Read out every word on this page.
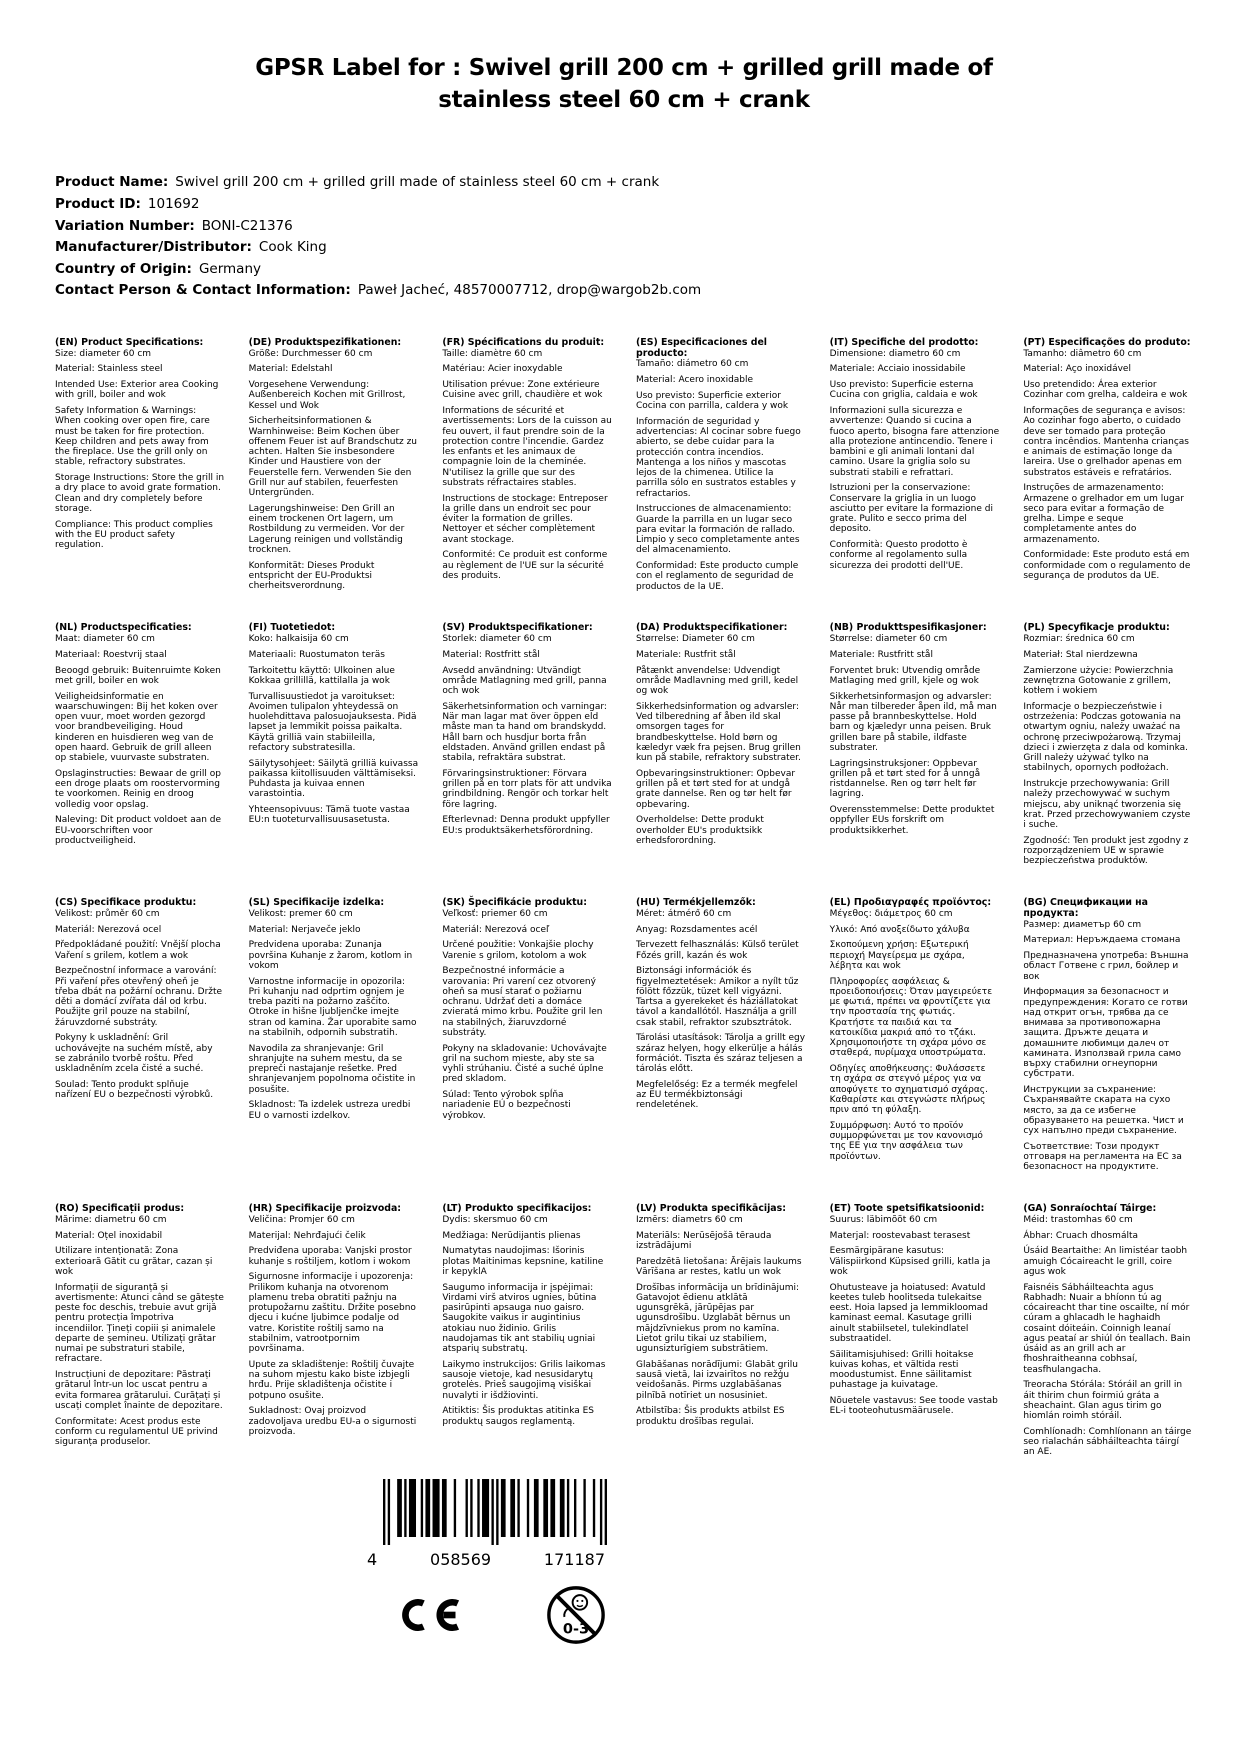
GPSR Label for : Swivel grill 200 cm + grilled grill made of stainless steel 60 cm + crank
Product Name: Swivel grill 200 cm + grilled grill made of stainless steel 60 cm + crank
Product ID: 101692
Variation Number: BONI-C21376
Manufacturer/Distributor: Cook King
Country of Origin: Germany
Contact Person & Contact Information: Paweł Jacheć, 48570007712, drop@wargob2b.com
(EN) Product Specifications:

Size: diameter 60 cm

Material: Stainless steel

Intended Use: Exterior area Cooking with grill, boiler and wok

Safety Information & Warnings: When cooking over open fire, care must be taken for fire protection. Keep children and pets away from the fireplace. Use the grill only on stable, refractory substrates.

Storage Instructions: Store the grill in a dry place to avoid grate formation. Clean and dry completely before storage.

Compliance: This product complies with the EU product safety regulation.

(DE) Produktspezifikationen:

Größe: Durchmesser 60 cm

Material: Edelstahl

Vorgesehene Verwendung: Außenbereich Kochen mit Grillrost, Kessel und Wok

Sicherheitsinformationen & Warnhinweise: Beim Kochen über offenem Feuer ist auf Brandschutz zu achten. Halten Sie insbesondere Kinder und Haustiere von der Feuerstelle fern. Verwenden Sie den Grill nur auf stabilen, feuerfesten Untergründen.

Lagerungshinweise: Den Grill an einem trockenen Ort lagern, um Rostbildung zu vermeiden. Vor der Lagerung reinigen und vollständig trocknen.

Konformität: Dieses Produkt entspricht der EU-Produktsi cherheitsverordnung.

(FR) Spécifications du produit:

Taille: diamètre 60 cm

Matériau: Acier inoxydable

Utilisation prévue: Zone extérieure Cuisine avec grill, chaudière et wok

Informations de sécurité et avertissements: Lors de la cuisson au feu ouvert, il faut prendre soin de la protection contre l'incendie. Gardez les enfants et les animaux de compagnie loin de la cheminée. N'utilisez la grille que sur des substrats réfractaires stables.

Instructions de stockage: Entreposer la grille dans un endroit sec pour éviter la formation de grilles. Nettoyer et sécher complètement avant stockage.

Conformité: Ce produit est conforme au règlement de l'UE sur la sécurité des produits.

(ES) Especificaciones del producto:

Tamaño: diámetro 60 cm

Material: Acero inoxidable

Uso previsto: Superficie exterior Cocina con parrilla, caldera y wok

Información de seguridad y advertencias: Al cocinar sobre fuego abierto, se debe cuidar para la protección contra incendios. Mantenga a los niños y mascotas lejos de la chimenea. Utilice la parrilla sólo en sustratos estables y refractarios.

Instrucciones de almacenamiento: Guarde la parrilla en un lugar seco para evitar la formación de rallado. Limpio y seco completamente antes del almacenamiento.

Conformidad: Este producto cumple con el reglamento de seguridad de productos de la UE.

(IT) Specifiche del prodotto:

Dimensione: diametro 60 cm

Materiale: Acciaio inossidabile

Uso previsto: Superficie esterna Cucina con griglia, caldaia e wok

Informazioni sulla sicurezza e avvertenze: Quando si cucina a fuoco aperto, bisogna fare attenzione alla protezione antincendio. Tenere i bambini e gli animali lontani dal camino. Usare la griglia solo su substrati stabili e refrattari.

Istruzioni per la conservazione: Conservare la griglia in un luogo asciutto per evitare la formazione di grate. Pulito e secco prima del deposito.

Conformità: Questo prodotto è conforme al regolamento sulla sicurezza dei prodotti dell'UE.

(PT) Especificações do produto:

Tamanho: diâmetro 60 cm

Material: Aço inoxidável

Uso pretendido: Área exterior Cozinhar com grelha, caldeira e wok

Informações de segurança e avisos: Ao cozinhar fogo aberto, o cuidado deve ser tomado para proteção contra incêndios. Mantenha crianças e animais de estimação longe da lareira. Use o grelhador apenas em substratos estáveis e refratários.

Instruções de armazenamento: Armazene o grelhador em um lugar seco para evitar a formação de grelha. Limpe e seque completamente antes do armazenamento.

Conformidade: Este produto está em conformidade com o regulamento de segurança de produtos da UE.

(NL) Productspecificaties:

Maat: diameter 60 cm

Materiaal: Roestvrij staal

Beoogd gebruik: Buitenruimte Koken met grill, boiler en wok

Veiligheidsinformatie en waarschuwingen: Bij het koken over open vuur, moet worden gezorgd voor brandbeveiliging. Houd kinderen en huisdieren weg van de open haard. Gebruik de grill alleen op stabiele, vuurvaste substraten.

Opslaginstructies: Bewaar de grill op een droge plaats om roostervorming te voorkomen. Reinig en droog volledig voor opslag.

Naleving: Dit product voldoet aan de EU-voorschriften voor productveiligheid.

(FI) Tuotetiedot:

Koko: halkaisija 60 cm

Materiaali: Ruostumaton teräs

Tarkoitettu käyttö: Ulkoinen alue Kokkaa grillillä, kattilalla ja wok

Turvallisuustiedot ja varoitukset: Avoimen tulipalon yhteydessä on huolehdittava palosuojauksesta. Pidä lapset ja lemmikit poissa paikalta. Käytä grilliä vain stabiileilla, refactory substratesilla.

Säilytysohjeet: Säilytä grilliä kuivassa paikassa kiitollisuuden välttämiseksi. Puhdasta ja kuivaa ennen varastointia.

Yhteensopivuus: Tämä tuote vastaa EU:n tuoteturvallisuusasetusta.

(SV) Produktspecifikationer:

Storlek: diameter 60 cm

Material: Rostfritt stål

Avsedd användning: Utvändigt område Matlagning med grill, panna och wok

Säkerhetsinformation och varningar: När man lagar mat över öppen eld måste man ta hand om brandskydd. Håll barn och husdjur borta från eldstaden. Använd grillen endast på stabila, refraktära substrat.

Förvaringsinstruktioner: Förvara grillen på en torr plats för att undvika grindbildning. Rengör och torkar helt före lagring.

Efterlevnad: Denna produkt uppfyller EU:s produktsäkerhetsförordning.

(DA) Produktspecifikationer:

Størrelse: Diameter 60 cm

Materiale: Rustfrit stål

Påtænkt anvendelse: Udvendigt område Madlavning med grill, kedel og wok

Sikkerhedsinformation og advarsler: Ved tilberedning af åben ild skal omsorgen tages for brandbeskyttelse. Hold børn og kæledyr væk fra pejsen. Brug grillen kun på stabile, refraktory substrater.

Opbevaringsinstruktioner: Opbevar grillen på et tørt sted for at undgå grate dannelse. Ren og tør helt før opbevaring.

Overholdelse: Dette produkt overholder EU's produktsikk erhedsforordning.

(NB) Produkttspesifikasjoner:

Størrelse: diameter 60 cm

Materiale: Rustfritt stål

Forventet bruk: Utvendig område Matlaging med grill, kjele og wok

Sikkerhetsinformasjon og advarsler: Når man tilbereder åpen ild, må man passe på brannbeskyttelse. Hold barn og kjæledyr unna peisen. Bruk grillen bare på stabile, ildfaste substrater.

Lagringsinstruksjoner: Oppbevar grillen på et tørt sted for å unngå ristdannelse. Ren og tørr helt før lagring.

Overensstemmelse: Dette produktet oppfyller EUs forskrift om produktsikkerhet.

(PL) Specyfikacje produktu:

Rozmiar: średnica 60 cm

Materiał: Stal nierdzewna

Zamierzone użycie: Powierzchnia zewnętrzna Gotowanie z grillem, kotłem i wokiem

Informacje o bezpieczeństwie i ostrzeżenia: Podczas gotowania na otwartym ogniu, należy uważać na ochronę przeciwpożarową. Trzymaj dzieci i zwierzęta z dala od kominka. Grill należy używać tylko na stabilnych, opornych podłożach.

Instrukcje przechowywania: Grill należy przechowywać w suchym miejscu, aby uniknąć tworzenia się krat. Przed przechowywaniem czyste i suche.

Zgodność: Ten produkt jest zgodny z rozporządzeniem UE w sprawie bezpieczeństwa produktów.

(CS) Specifikace produktu:

Velikost: průměr 60 cm

Materiál: Nerezová ocel

Předpokládané použití: Vnější plocha Vaření s grilem, kotlem a wok

Bezpečnostní informace a varování: Při vaření přes otevřený oheň je třeba dbát na požární ochranu. Držte děti a domácí zvířata dál od krbu. Použijte gril pouze na stabilní, žáruvzdorné substráty.

Pokyny k uskladnění: Gril uchovávejte na suchém místě, aby se zabránilo tvorbě roštu. Před uskladněním zcela čisté a suché.

Soulad: Tento produkt splňuje nařízení EU o bezpečnosti výrobků.

(SL) Specifikacije izdelka:

Velikost: premer 60 cm

Material: Nerjaveče jeklo

Predvidena uporaba: Zunanja površina Kuhanje z žarom, kotlom in vokom

Varnostne informacije in opozorila: Pri kuhanju nad odprtim ognjem je treba paziti na požarno zaščito. Otroke in hišne ljubljenčke imejte stran od kamina. Žar uporabite samo na stabilnih, odpornih substratih.

Navodila za shranjevanje: Gril shranjujte na suhem mestu, da se prepreči nastajanje rešetke. Pred shranjevanjem popolnoma očistite in posušite.

Skladnost: Ta izdelek ustreza uredbi EU o varnosti izdelkov.

(SK) Špecifikácie produktu:

Veľkosť: priemer 60 cm

Materiál: Nerezová oceľ

Určené použitie: Vonkajšie plochy Varenie s grilom, kotolom a wok

Bezpečnostné informácie a varovania: Pri varení cez otvorený oheň sa musí starať o požiarnu ochranu. Udržať deti a domáce zvieratá mimo krbu. Použite gril len na stabilných, žiaruvzdorné substráty.

Pokyny na skladovanie: Uchovávajte gril na suchom mieste, aby ste sa vyhli strúhaniu. Čisté a suché úplne pred skladom.

Súlad: Tento výrobok spĺňa nariadenie EÚ o bezpečnosti výrobkov.

(HU) Termékjellemzők:

Méret: átmérő 60 cm

Anyag: Rozsdamentes acél

Tervezett felhasználás: Külső terület Főzés grill, kazán és wok

Biztonsági információk és figyelmeztetések: Amikor a nyílt tűz fölött főzzük, tüzet kell vigyázni. Tartsa a gyerekeket és háziállatokat távol a kandallótól. Használja a grill csak stabil, refraktor szubsztrátok.

Tárolási utasítások: Tárolja a grillt egy száraz helyen, hogy elkerülje a hálás formációt. Tiszta és száraz teljesen a tárolás előtt.

Megfelelőség: Ez a termék megfelel az EU termékbiztonsági rendeletének.

(EL) Προδιαγραφές προϊόντος:

Μέγεθος: διάμετρος 60 cm

Υλικό: Από ανοξείδωτο χάλυβα

Σκοπούμενη χρήση: Εξωτερική περιοχή Μαγείρεμα με σχάρα, λέβητα και wok

Πληροφορίες ασφάλειας & προειδοποιήσεις: Όταν μαγειρεύετε με φωτιά, πρέπει να φροντίζετε για την προστασία της φωτιάς. Κρατήστε τα παιδιά και τα κατοικίδια μακριά από το τζάκι. Χρησιμοποιήστε τη σχάρα μόνο σε σταθερά, πυρίμαχα υποστρώματα.

Οδηγίες αποθήκευσης: Φυλάσσετε τη σχάρα σε στεγνό μέρος για να αποφύγετε το σχηματισμό σχάρας. Καθαρίστε και στεγνώστε πλήρως πριν από τη φύλαξη.

Συμμόρφωση: Αυτό το προϊόν συμμορφώνεται με τον κανονισμό της ΕΕ για την ασφάλεια των προϊόντων.

(BG) Спецификации на продукта:

Размер: диаметър 60 cm

Материал: Неръждаема стомана

Предназначена употреба: Външна област Готвене с грил, бойлер и вок

Информация за безопасност и предупреждения: Когато се готви над открит огън, трябва да се внимава за противопожарна защита. Дръжте децата и домашните любимци далеч от камината. Използвай грила само върху стабилни огнеупорни субстрати.

Инструкции за съхранение: Съхранявайте скарата на сухо място, за да се избегне образуването на решетка. Чист и сух напълно преди съхранение.

Съответствие: Този продукт отговаря на регламента на ЕС за безопасност на продуктите.

(RO) Specificații produs:

Mărime: diametru 60 cm

Material: Oțel inoxidabil

Utilizare intenționată: Zona exterioară Gătit cu grătar, cazan și wok

Informații de siguranță și avertismente: Atunci când se gătește peste foc deschis, trebuie avut grijă pentru protecția împotriva incendiilor. Țineți copiii și animalele departe de șemineu. Utilizați grătar numai pe substraturi stabile, refractare.

Instrucțiuni de depozitare: Păstrați grătarul într-un loc uscat pentru a evita formarea grătarului. Curățați și uscați complet înainte de depozitare.

Conformitate: Acest produs este conform cu regulamentul UE privind siguranța produselor.

(HR) Specifikacije proizvoda:

Veličina: Promjer 60 cm

Materijal: Nehrđajući čelik

Predviđena uporaba: Vanjski prostor kuhanje s roštiljem, kotlom i wokom

Sigurnosne informacije i upozorenja: Prilikom kuhanja na otvorenom plamenu treba obratiti pažnju na protupožarnu zaštitu. Držite posebno djecu i kućne ljubimce podalje od vatre. Koristite roštilj samo na stabilnim, vatrootpornim površinama.

Upute za skladištenje: Roštilj čuvajte na suhom mjestu kako biste izbjegli hrđu. Prije skladištenja očistite i potpuno osušite.

Sukladnost: Ovaj proizvod zadovoljava uredbu EU-a o sigurnosti proizvoda.

(LT) Produkto specifikacijos:

Dydis: skersmuo 60 cm

Medžiaga: Nerūdijantis plienas

Numatytas naudojimas: Išorinis plotas Maitinimas kepsnine, katiline ir kepyklA

Saugumo informacija ir įspėjimai: Virdami virš atviros ugnies, būtina pasirūpinti apsauga nuo gaisro. Saugokite vaikus ir augintinius atokiau nuo židinio. Grilis naudojamas tik ant stabilių ugniai atsparių substratų.

Laikymo instrukcijos: Grilis laikomas sausoje vietoje, kad nesusidarytų grotelės. Prieš saugojimą visiškai nuvalyti ir išdžiovinti.

Atitiktis: Šis produktas atitinka ES produktų saugos reglamentą.

(LV) Produkta specifikācijas:

Izmērs: diametrs 60 cm

Materiāls: Nerūsējošā tērauda izstrādājumi

Paredzētā lietošana: Ārējais laukums Vārīšana ar restes, katlu un wok

Drošības informācija un brīdinājumi: Gatavojot ēdienu atklātā ugunsgrēkā, jārūpējas par ugunsdrošību. Uzglabāt bērnus un mājdzīvniekus prom no kamīna. Lietot grilu tikai uz stabiliem, ugunsizturīgiem substrātiem.

Glabāšanas norādījumi: Glabāt grilu sausā vietā, lai izvairītos no režģu veidošanās. Pirms uzglabāšanas pilnībā notīriet un nosusiniet.

Atbilstība: Šis produkts atbilst ES produktu drošības regulai.

(ET) Toote spetsifikatsioonid:

Suurus: läbimõõt 60 cm

Materjal: roostevabast terasest

Eesmärgipärane kasutus: Välispiirkond Küpsised grilli, katla ja wok

Ohutusteave ja hoiatused: Avatuld keetes tuleb hoolitseda tulekaitse eest. Hoia lapsed ja lemmikloomad kaminast eemal. Kasutage grilli ainult stabiilsetel, tulekindlatel substraatidel.

Säilitamisjuhised: Grilli hoitakse kuivas kohas, et vältida resti moodustumist. Enne säilitamist puhastage ja kuivatage.

Nõuetele vastavus: See toode vastab EL-i tooteohutusmäärusele.

(GA) Sonraíochtaí Táirge:

Méid: trastomhas 60 cm

Ábhar: Cruach dhosmálta

Úsáid Beartaithe: An limistéar taobh amuigh Cócaireacht le grill, coire agus wok

Faisnéis Sábháilteachta agus Rabhadh: Nuair a bhíonn tú ag cócaireacht thar tine oscailte, ní mór cúram a ghlacadh le haghaidh cosaint dóiteáin. Coinnigh leanaí agus peataí ar shiúl ón teallach. Bain úsáid as an grill ach ar fhoshraitheanna cobhsaí, teasfhulangacha.

Treoracha Stórála: Stóráil an grill in áit thirim chun foirmiú gráta a sheachaint. Glan agus tirim go hiomlán roimh stóráil.

Comhlíonadh: Comhlíonann an táirge seo rialachán sábháilteachta táirgí an AE.

4	058569	171187
0-3
